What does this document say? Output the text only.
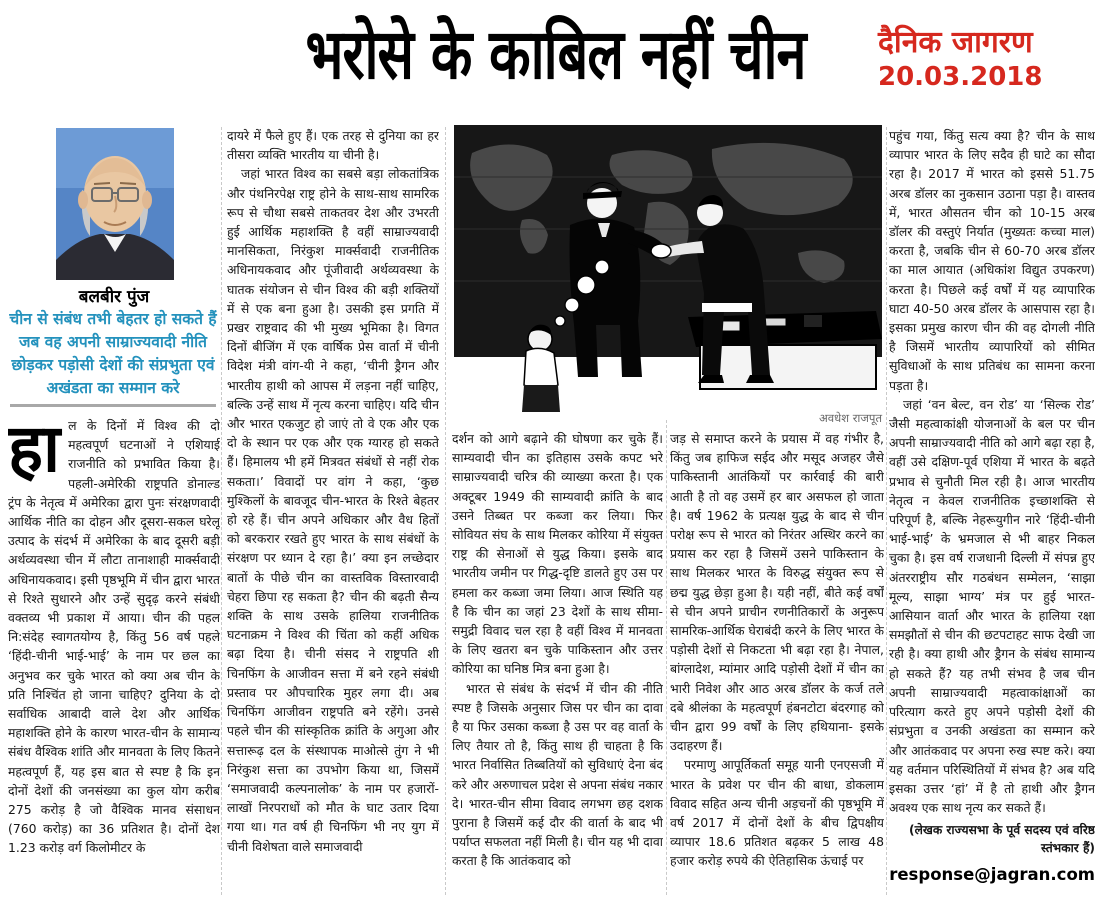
भरोसे के काबिल नहीं चीन	दैनिक जागरण
20.03.2018
बलबीर पुंज
चीन से संबंध तभी बेहतर हो सकते हैं जब वह अपनी साम्राज्यवादी नीति छोड़कर पड़ोसी देशों की संप्रभुता एवं अखंडता का सम्मान करे
अवधेश राजपूत

हाल के दिनों में विश्व की दो महत्वपूर्ण घटनाओं ने एशियाई राजनीति को प्रभावित किया है। पहली-अमेरिकी राष्ट्रपति डोनाल्ड ट्रंप के नेतृत्व में अमेरिका द्वारा पुनः संरक्षणवादी आर्थिक नीति का दोहन और दूसरा-सकल घरेलू उत्पाद के संदर्भ में अमेरिका के बाद दूसरी बड़ी अर्थव्यवस्था चीन में लौटा तानाशाही मार्क्सवादी अधिनायकवाद। इसी पृष्ठभूमि में चीन द्वारा भारत से रिश्ते सुधारने और उन्हें सुदृढ़ करने संबंधी वक्तव्य भी प्रकाश में आया। चीन की पहल नि:संदेह स्वागतयोग्य है, किंतु 56 वर्ष पहले ‘हिंदी-चीनी भाई-भाई’ के नाम पर छल का अनुभव कर चुके भारत को क्या अब चीन के प्रति निश्चिंत हो जाना चाहिए? दुनिया के दो सर्वाधिक आबादी वाले देश और आर्थिक महाशक्ति होने के कारण भारत-चीन के सामान्य संबंध वैश्विक शांति और मानवता के लिए कितने महत्वपूर्ण हैं, यह इस बात से स्पष्ट है कि इन दोनों देशों की जनसंख्या का कुल योग करीब 275 करोड़ है जो वैश्विक मानव संसाधन (760 करोड़) का 36 प्रतिशत है। दोनों देश 1.23 करोड़ वर्ग किलोमीटर के

दायरे में फैले हुए हैं। एक तरह से दुनिया का हर तीसरा व्यक्ति भारतीय या चीनी है।

जहां भारत विश्व का सबसे बड़ा लोकतांत्रिक और पंथनिरपेक्ष राष्ट्र होने के साथ-साथ सामरिक रूप से चौथा सबसे ताकतवर देश और उभरती हुई आर्थिक महाशक्ति है वहीं साम्राज्यवादी मानसिकता, निरंकुश मार्क्सवादी राजनीतिक अधिनायकवाद और पूंजीवादी अर्थव्यवस्था के घातक संयोजन से चीन विश्व की बड़ी शक्तियों में से एक बना हुआ है। उसकी इस प्रगति में प्रखर राष्ट्रवाद की भी मुख्य भूमिका है। विगत दिनों बीजिंग में एक वार्षिक प्रेस वार्ता में चीनी विदेश मंत्री वांग-यी ने कहा, ‘चीनी ड्रैगन और भारतीय हाथी को आपस में लड़ना नहीं चाहिए, बल्कि उन्हें साथ में नृत्य करना चाहिए। यदि चीन और भारत एकजुट हो जाएं तो वे एक और एक दो के स्थान पर एक और एक ग्यारह हो सकते हैं। हिमालय भी हमें मित्रवत संबंधों से नहीं रोक सकता।’ विवादों पर वांग ने कहा, ‘कुछ मुश्किलों के बावजूद चीन-भारत के रिश्ते बेहतर हो रहे हैं। चीन अपने अधिकार और वैध हितों को बरकरार रखते हुए भारत के साथ संबंधों के संरक्षण पर ध्यान दे रहा है।’ क्या इन लच्छेदार बातों के पीछे चीन का वास्तविक विस्तारवादी चेहरा छिपा रह सकता है? चीन की बढ़ती सैन्य शक्ति के साथ उसके हालिया राजनीतिक घटनाक्रम ने विश्व की चिंता को कहीं अधिक बढ़ा दिया है। चीनी संसद ने राष्ट्रपति शी चिनफिंग के आजीवन सत्ता में बने रहने संबंधी प्रस्ताव पर औपचारिक मुहर लगा दी। अब चिनफिंग आजीवन राष्ट्रपति बने रहेंगे। उनसे पहले चीन की सांस्कृतिक क्रांति के अगुआ और सत्तारूढ़ दल के संस्थापक माओत्से तुंग ने भी निरंकुश सत्ता का उपभोग किया था, जिसमें ‘समाजवादी कल्पनालोक’ के नाम पर हजारों-लाखों निरपराधों को मौत के घाट उतार दिया गया था। गत वर्ष ही चिनफिंग भी नए युग में चीनी विशेषता वाले समाजवादी

दर्शन को आगे बढ़ाने की घोषणा कर चुके हैं। साम्यवादी चीन का इतिहास उसके कपट भरे साम्राज्यवादी चरित्र की व्याख्या करता है। एक अक्टूबर 1949 की साम्यवादी क्रांति के बाद उसने तिब्बत पर कब्जा कर लिया। फिर सोवियत संघ के साथ मिलकर कोरिया में संयुक्त राष्ट्र की सेनाओं से युद्ध किया। इसके बाद भारतीय जमीन पर गिद्ध-दृष्टि डालते हुए उस पर हमला कर कब्जा जमा लिया। आज स्थिति यह है कि चीन का जहां 23 देशों के साथ सीमा-समुद्री विवाद चल रहा है वहीं विश्व में मानवता के लिए खतरा बन चुके पाकिस्तान और उत्तर कोरिया का घनिष्ठ मित्र बना हुआ है।

भारत से संबंध के संदर्भ में चीन की नीति स्पष्ट है जिसके अनुसार जिस पर चीन का दावा है या फिर उसका कब्जा है उस पर वह वार्ता के लिए तैयार तो है, किंतु साथ ही चाहता है कि भारत निर्वासित तिब्बतियों को सुविधाएं देना बंद करे और अरुणाचल प्रदेश से अपना संबंध नकार दे। भारत-चीन सीमा विवाद लगभग छह दशक पुराना है जिसमें कई दौर की वार्ता के बाद भी पर्याप्त सफलता नहीं मिली है। चीन यह भी दावा करता है कि आतंकवाद को

जड़ से समाप्त करने के प्रयास में वह गंभीर है, किंतु जब हाफिज सईद और मसूद अजहर जैसे पाकिस्तानी आतंकियों पर कार्रवाई की बारी आती है तो वह उसमें हर बार असफल हो जाता है। वर्ष 1962 के प्रत्यक्ष युद्ध के बाद से चीन परोक्ष रूप से भारत को निरंतर अस्थिर करने का प्रयास कर रहा है जिसमें उसने पाकिस्तान के साथ मिलकर भारत के विरुद्ध संयुक्त रूप से छद्म युद्ध छेड़ा हुआ है। यही नहीं, बीते कई वर्षों से चीन अपने प्राचीन रणनीतिकारों के अनुरूप सामरिक-आर्थिक घेराबंदी करने के लिए भारत के पड़ोसी देशों से निकटता भी बढ़ा रहा है। नेपाल, बांग्लादेश, म्यांमार आदि पड़ोसी देशों में चीन का भारी निवेश और आठ अरब डॉलर के कर्ज तले दबे श्रीलंका के महत्वपूर्ण हंबनटोटा बंदरगाह को चीन द्वारा 99 वर्षों के लिए हथियाना- इसके उदाहरण हैं।

परमाणु आपूर्तिकर्ता समूह यानी एनएसजी में भारत के प्रवेश पर चीन की बाधा, डोकलाम विवाद सहित अन्य चीनी अड़चनों की पृष्ठभूमि में वर्ष 2017 में दोनों देशों के बीच द्विपक्षीय व्यापार 18.6 प्रतिशत बढ़कर 5 लाख 48 हजार करोड़ रुपये की ऐतिहासिक ऊंचाई पर

पहुंच गया, किंतु सत्य क्या है? चीन के साथ व्यापार भारत के लिए सदैव ही घाटे का सौदा रहा है। 2017 में भारत को इससे 51.75 अरब डॉलर का नुकसान उठाना पड़ा है। वास्तव में, भारत औसतन चीन को 10-15 अरब डॉलर की वस्तुएं निर्यात (मुख्यतः कच्चा माल) करता है, जबकि चीन से 60-70 अरब डॉलर का माल आयात (अधिकांश विद्युत उपकरण) करता है। पिछले कई वर्षों में यह व्यापारिक घाटा 40-50 अरब डॉलर के आसपास रहा है। इसका प्रमुख कारण चीन की वह दोगली नीति है जिसमें भारतीय व्यापारियों को सीमित सुविधाओं के साथ प्रतिबंध का सामना करना पड़ता है।

जहां ‘वन बेल्ट, वन रोड’ या ‘सिल्क रोड’ जैसी महत्वाकांक्षी योजनाओं के बल पर चीन अपनी साम्राज्यवादी नीति को आगे बढ़ा रहा है, वहीं उसे दक्षिण-पूर्व एशिया में भारत के बढ़ते प्रभाव से चुनौती मिल रही है। आज भारतीय नेतृत्व न केवल राजनीतिक इच्छाशक्ति से परिपूर्ण है, बल्कि नेहरूयुगीन नारे ‘हिंदी-चीनी भाई-भाई’ के भ्रमजाल से भी बाहर निकल चुका है। इस वर्ष राजधानी दिल्ली में संपन्न हुए अंतरराष्ट्रीय सौर गठबंधन सम्मेलन, ‘साझा मूल्य, साझा भाग्य’ मंत्र पर हुई भारत-आसियान वार्ता और भारत के हालिया रक्षा समझौतों से चीन की छटपटाहट साफ देखी जा रही है। क्या हाथी और ड्रैगन के संबंध सामान्य हो सकते हैं? यह तभी संभव है जब चीन अपनी साम्राज्यवादी महत्वाकांक्षाओं का परित्याग करते हुए अपने पड़ोसी देशों की संप्रभुता व उनकी अखंडता का सम्मान करे और आतंकवाद पर अपना रुख स्पष्ट करे। क्या यह वर्तमान परिस्थितियों में संभव है? अब यदि इसका उत्तर ‘हां’ में है तो हाथी और ड्रैगन अवश्य एक साथ नृत्य कर सकते हैं।

(लेखक राज्यसभा के पूर्व सदस्य एवं वरिष्ठ स्तंभकार हैं)

response@jagran.com
